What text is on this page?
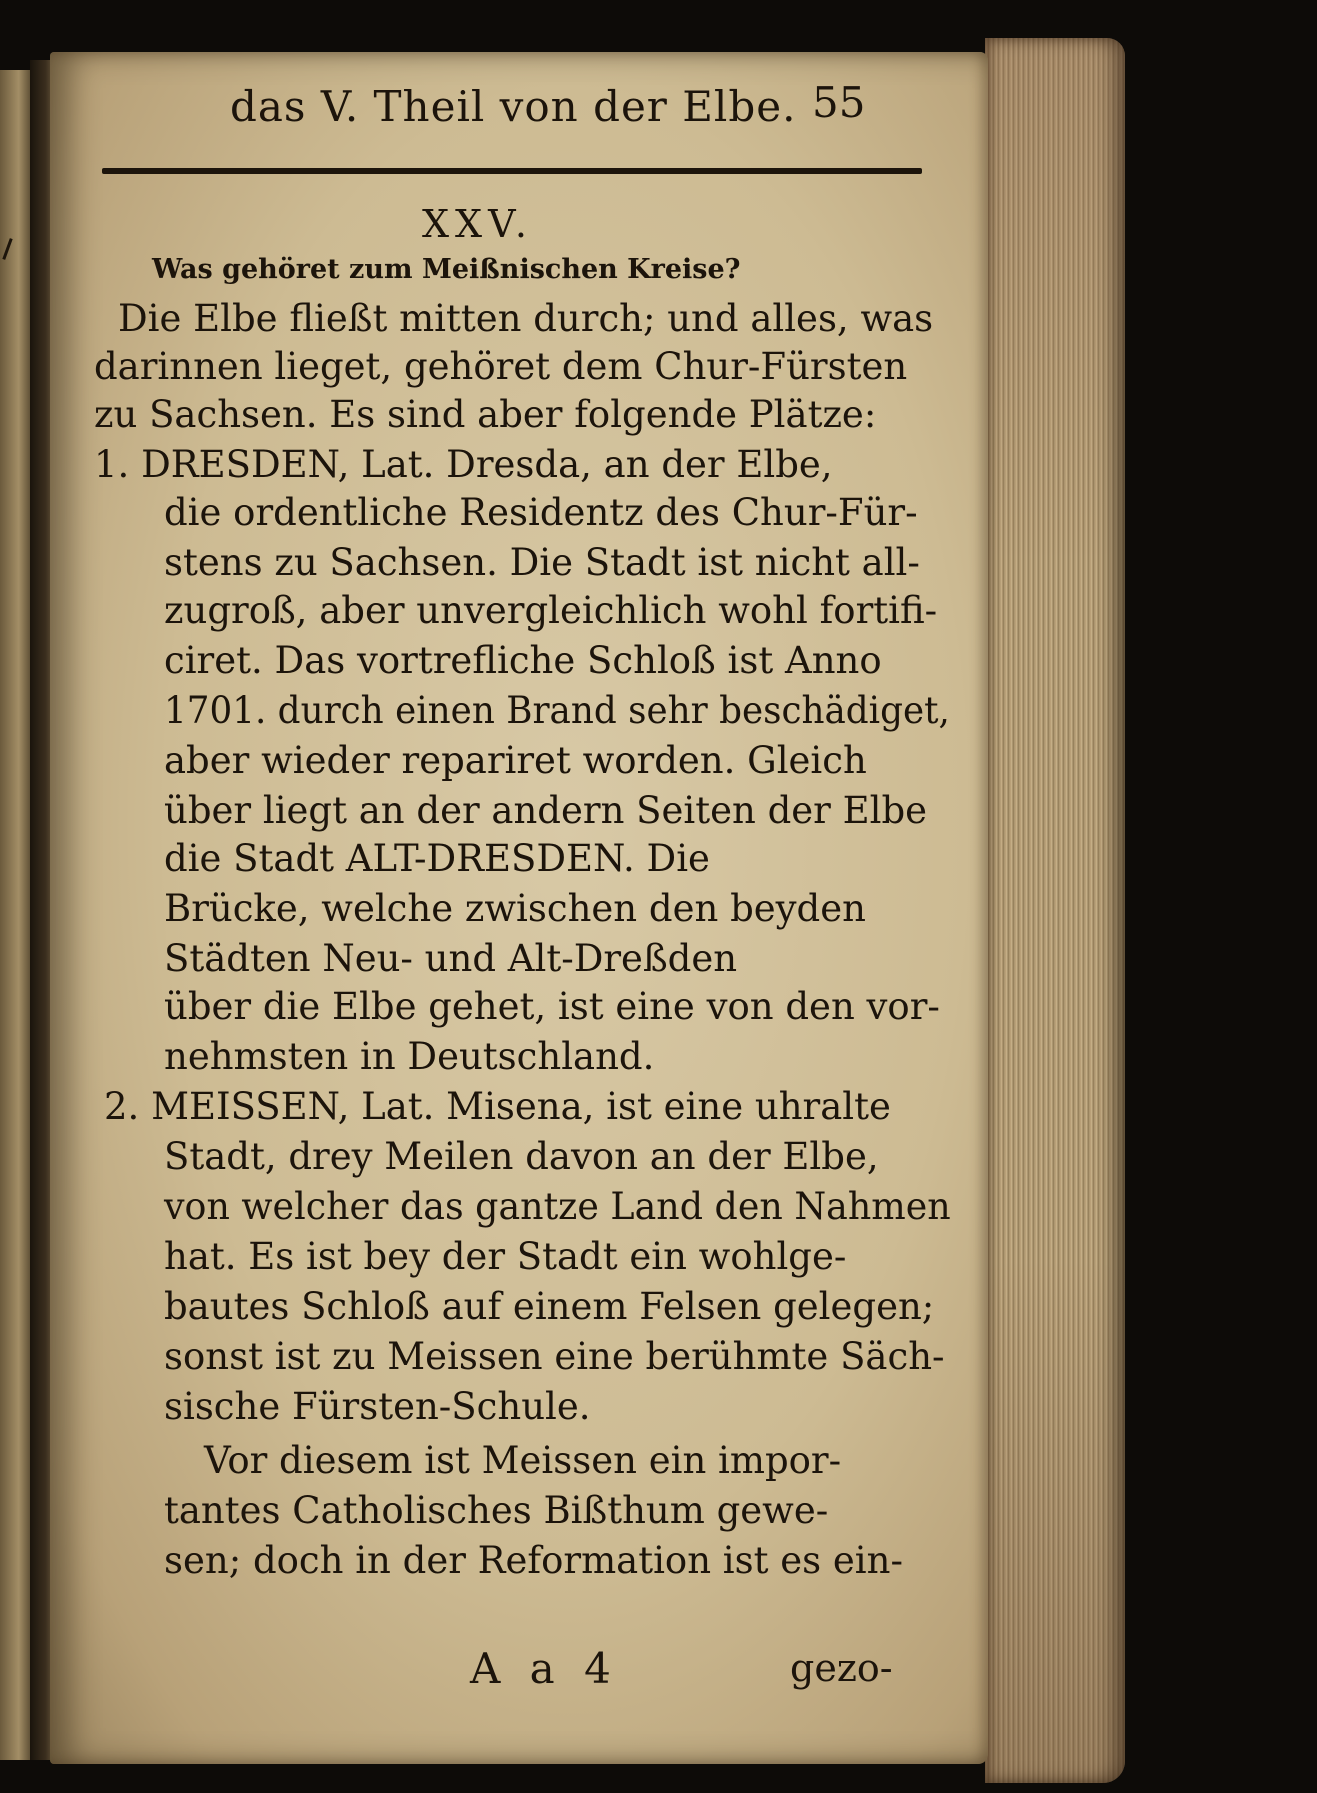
das V. Theil von der Elbe. 55
XXV.
Was gehöret zum Meißnischen Kreise?
Die Elbe fließt mitten durch; und alles, was
darinnen lieget, gehöret dem Chur-Fürsten
zu Sachsen. Es sind aber folgende Plätze:
1. DRESDEN, Lat. Dresda, an der Elbe,
die ordentliche Residentz des Chur-Für-
stens zu Sachsen. Die Stadt ist nicht all-
zugroß, aber unvergleichlich wohl fortifi-
ciret. Das vortrefliche Schloß ist Anno
1701. durch einen Brand sehr beschädiget,
aber wieder repariret worden. Gleich
über liegt an der andern Seiten der Elbe
die Stadt ALT-DRESDEN. Die
Brücke, welche zwischen den beyden
Städten Neu- und Alt-Dreßden
über die Elbe gehet, ist eine von den vor-
nehmsten in Deutschland.
2. MEISSEN, Lat. Misena, ist eine uhralte
Stadt, drey Meilen davon an der Elbe,
von welcher das gantze Land den Nahmen
hat. Es ist bey der Stadt ein wohlge-
bautes Schloß auf einem Felsen gelegen;
sonst ist zu Meissen eine berühmte Säch-
sische Fürsten-Schule.
Vor diesem ist Meissen ein impor-
tantes Catholisches Bißthum gewe-
sen; doch in der Reformation ist es ein-
A a 4	gezo-
